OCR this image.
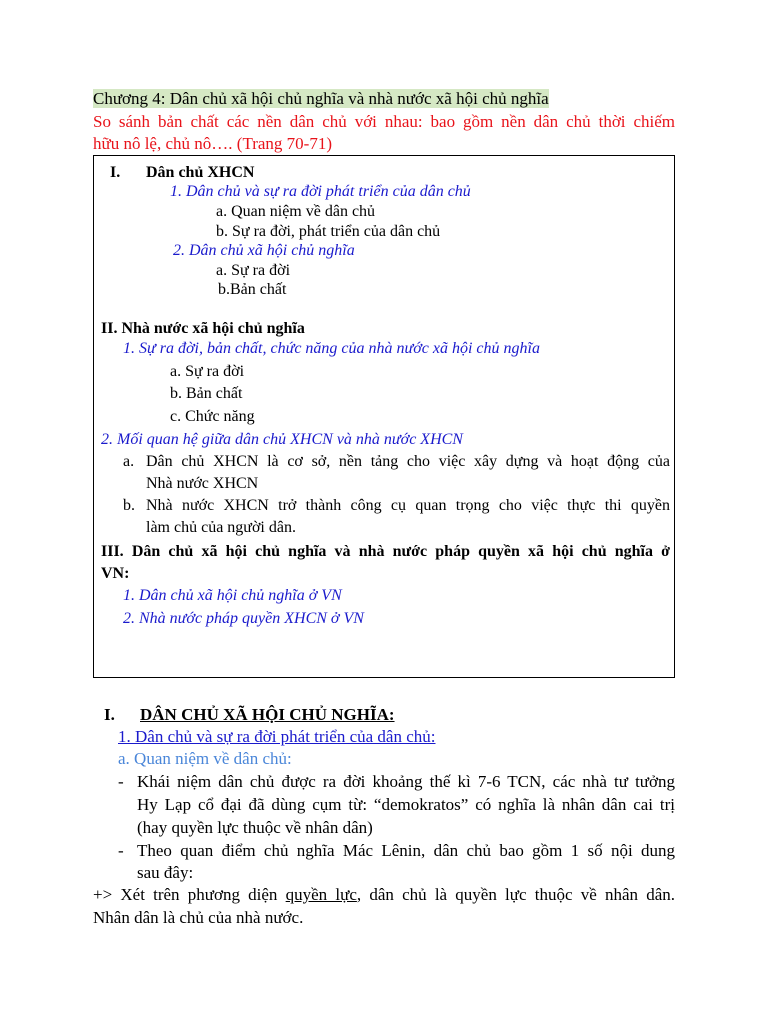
Chương 4: Dân chủ xã hội chủ nghĩa và nhà nước xã hội chủ nghĩa
So sánh bản chất các nền dân chủ với nhau: bao gồm nền dân chủ thời chiếm
hữu nô lệ, chủ nô…. (Trang 70-71)
I. Dân chủ XHCN
1. Dân chủ và sự ra đời phát triển của dân chủ
a. Quan niệm về dân chủ
b. Sự ra đời, phát triển của dân chủ
2. Dân chủ xã hội chủ nghĩa
a. Sự ra đời
b.Bản chất
II. Nhà nước xã hội chủ nghĩa
1. Sự ra đời, bản chất, chức năng của nhà nước xã hội chủ nghĩa
a. Sự ra đời
b. Bản chất
c. Chức năng
2. Mối quan hệ giữa dân chủ XHCN và nhà nước XHCN
a. Dân chủ XHCN là cơ sở, nền tảng cho việc xây dựng và hoạt động của
Nhà nước XHCN
b. Nhà nước XHCN trở thành công cụ quan trọng cho việc thực thi quyền
làm chủ của người dân.
III. Dân chủ xã hội chủ nghĩa và nhà nước pháp quyền xã hội chủ nghĩa ở
VN:
1. Dân chủ xã hội chủ nghĩa ở VN
2. Nhà nước pháp quyền XHCN ở VN
I. DÂN CHỦ XÃ HỘI CHỦ NGHĨA:
1. Dân chủ và sự ra đời phát triển của dân chủ:
a. Quan niệm về dân chủ:
- Khái niệm dân chủ được ra đời khoảng thế kì 7-6 TCN, các nhà tư tưởng
Hy Lạp cổ đại đã dùng cụm từ: “demokratos” có nghĩa là nhân dân cai trị
(hay quyền lực thuộc về nhân dân)
- Theo quan điểm chủ nghĩa Mác Lênin, dân chủ bao gồm 1 số nội dung
sau đây:
+> Xét trên phương diện quyền lực, dân chủ là quyền lực thuộc về nhân dân.
Nhân dân là chủ của nhà nước.
